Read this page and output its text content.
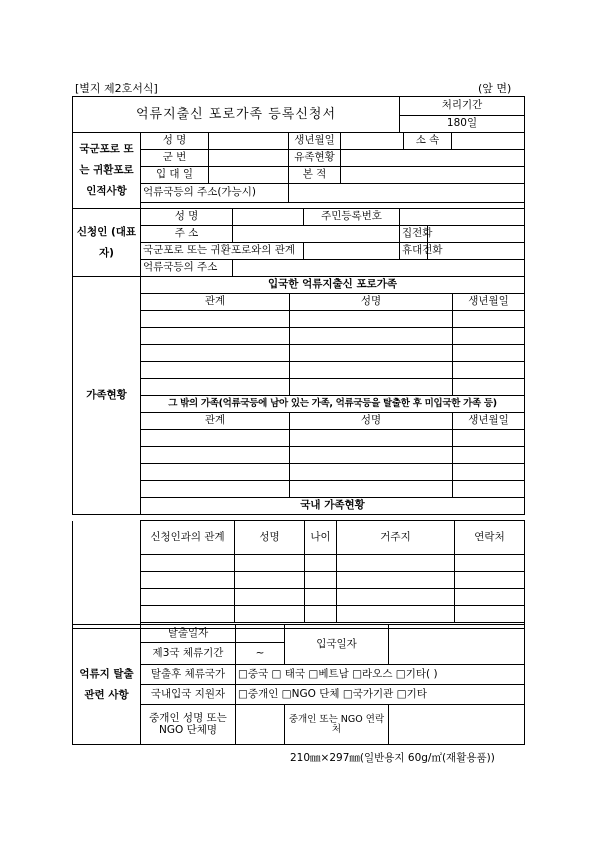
[별지 제2호서식]	(앞 면)
억류지출신 포로가족 등록신청서	처리기간
180일
국군포로 또는 귀환포로 인적사항	성 명		생년월일		소 속	
	군 번		유족현황			
	입 대 일		본 적			
	억류국등의 주소(가능시)					

신청인 (대표자)	성 명		주민등록번호		
	주 소			집전화	
	국군포로 또는 귀환포로와의 관계			휴대전화	
	억류국등의 주소				
가족현황	입국한 억류지출신 포로가족		
	관계	성명	생년월일

	그 밖의 가족(억류국등에 남아 있는 가족, 억류국등을 탈출한 후 미입국한 가족 등)		
	관계	성명	생년월일

	국내 가족현황		
	신청인과의 관계	성명	나이	거주지	연락처

억류지 탈출관련 사항	탈출일자		입국일자	
	제3국 체류기간	~		
	탈출후 체류국가	□중국 □ 태국 □베트남 □라오스 □기타( )		
	국내입국 지원자	□중개인 □NGO 단체 □국가기관 □기타		
	중개인 성명 또는 NGO 단체명		중개인 또는 NGO 연락처	
210㎜×297㎜(일반용지 60g/㎡(재활용품))
